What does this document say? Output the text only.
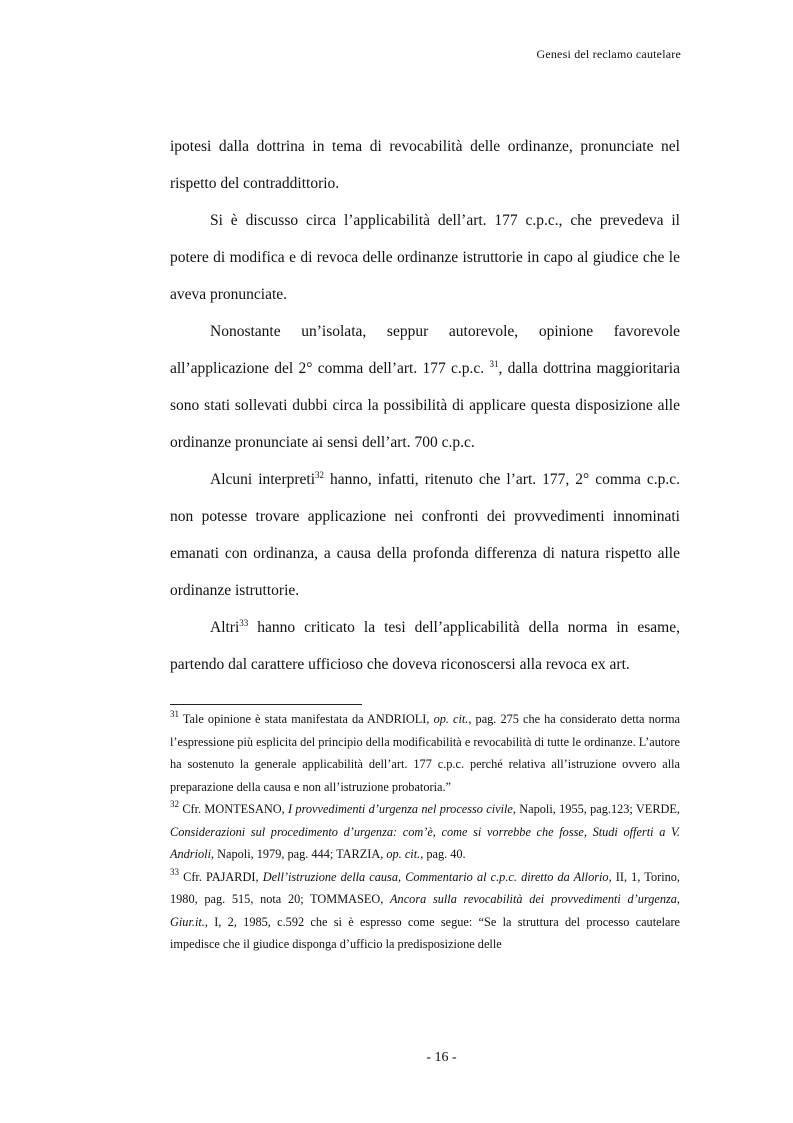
Genesi del reclamo cautelare

ipotesi dalla dottrina in tema di revocabilità delle ordinanze, pronunciate nel rispetto del contraddittorio.

Si è discusso circa l’applicabilità dell’art. 177 c.p.c., che prevedeva il potere di modifica e di revoca delle ordinanze istruttorie in capo al giudice che le aveva pronunciate.

Nonostante un’isolata, seppur autorevole, opinione favorevole all’applicazione del 2° comma dell’art. 177 c.p.c. $^{31}$, dalla dottrina maggioritaria sono stati sollevati dubbi circa la possibilità di applicare questa disposizione alle ordinanze pronunciate ai sensi dell’art. 700 c.p.c.

Alcuni interpreti$^{32}$ hanno, infatti, ritenuto che l’art. 177, 2° comma c.p.c. non potesse trovare applicazione nei confronti dei provvedimenti innominati emanati con ordinanza, a causa della profonda differenza di natura rispetto alle ordinanze istruttorie.

Altri$^{33}$ hanno criticato la tesi dell’applicabilità della norma in esame, partendo dal carattere ufficioso che doveva riconoscersi alla revoca ex art.

$^{31}$ Tale opinione è stata manifestata da ANDRIOLI, op. cit., pag. 275 che ha considerato detta norma l’espressione più esplicita del principio della modificabilità e revocabilità di tutte le ordinanze. L’autore ha sostenuto la generale applicabilità dell’art. 177 c.p.c. perché relativa all’istruzione ovvero alla preparazione della causa e non all’istruzione probatoria.”

$^{32}$ Cfr. MONTESANO, I provvedimenti d’urgenza nel processo civile, Napoli, 1955, pag.123; VERDE, Considerazioni sul procedimento d’urgenza: com’è, come si vorrebbe che fosse, Studi offerti a V. Andrioli, Napoli, 1979, pag. 444; TARZIA, op. cit., pag. 40.

$^{33}$ Cfr. PAJARDI, Dell’istruzione della causa, Commentario al c.p.c. diretto da Allorio, II, 1, Torino, 1980, pag. 515, nota 20; TOMMASEO, Ancora sulla revocabilità dei provvedimenti d’urgenza, Giur.it., I, 2, 1985, c.592 che si è espresso come segue: “Se la struttura del processo cautelare impedisce che il giudice disponga d’ufficio la predisposizione delle

- 16 -
